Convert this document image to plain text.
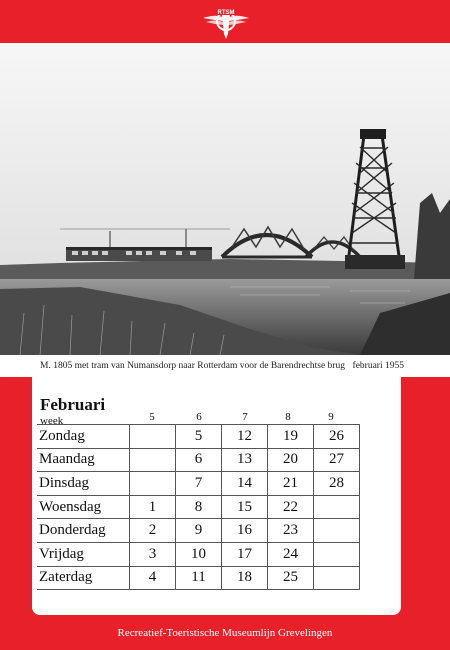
RTSM
M. 1805 met tram van Numansdorp naar Rotterdam voor de Barendrechtse brug februari 1955
Februari
week	5	6	7	8	9
Zondag		5	12	19	26
Maandag		6	13	20	27
Dinsdag		7	14	21	28
Woensdag	1	8	15	22	
Donderdag	2	9	16	23	
Vrijdag	3	10	17	24	
Zaterdag	4	11	18	25	
Recreatief-Toeristische Museumlijn Grevelingen
